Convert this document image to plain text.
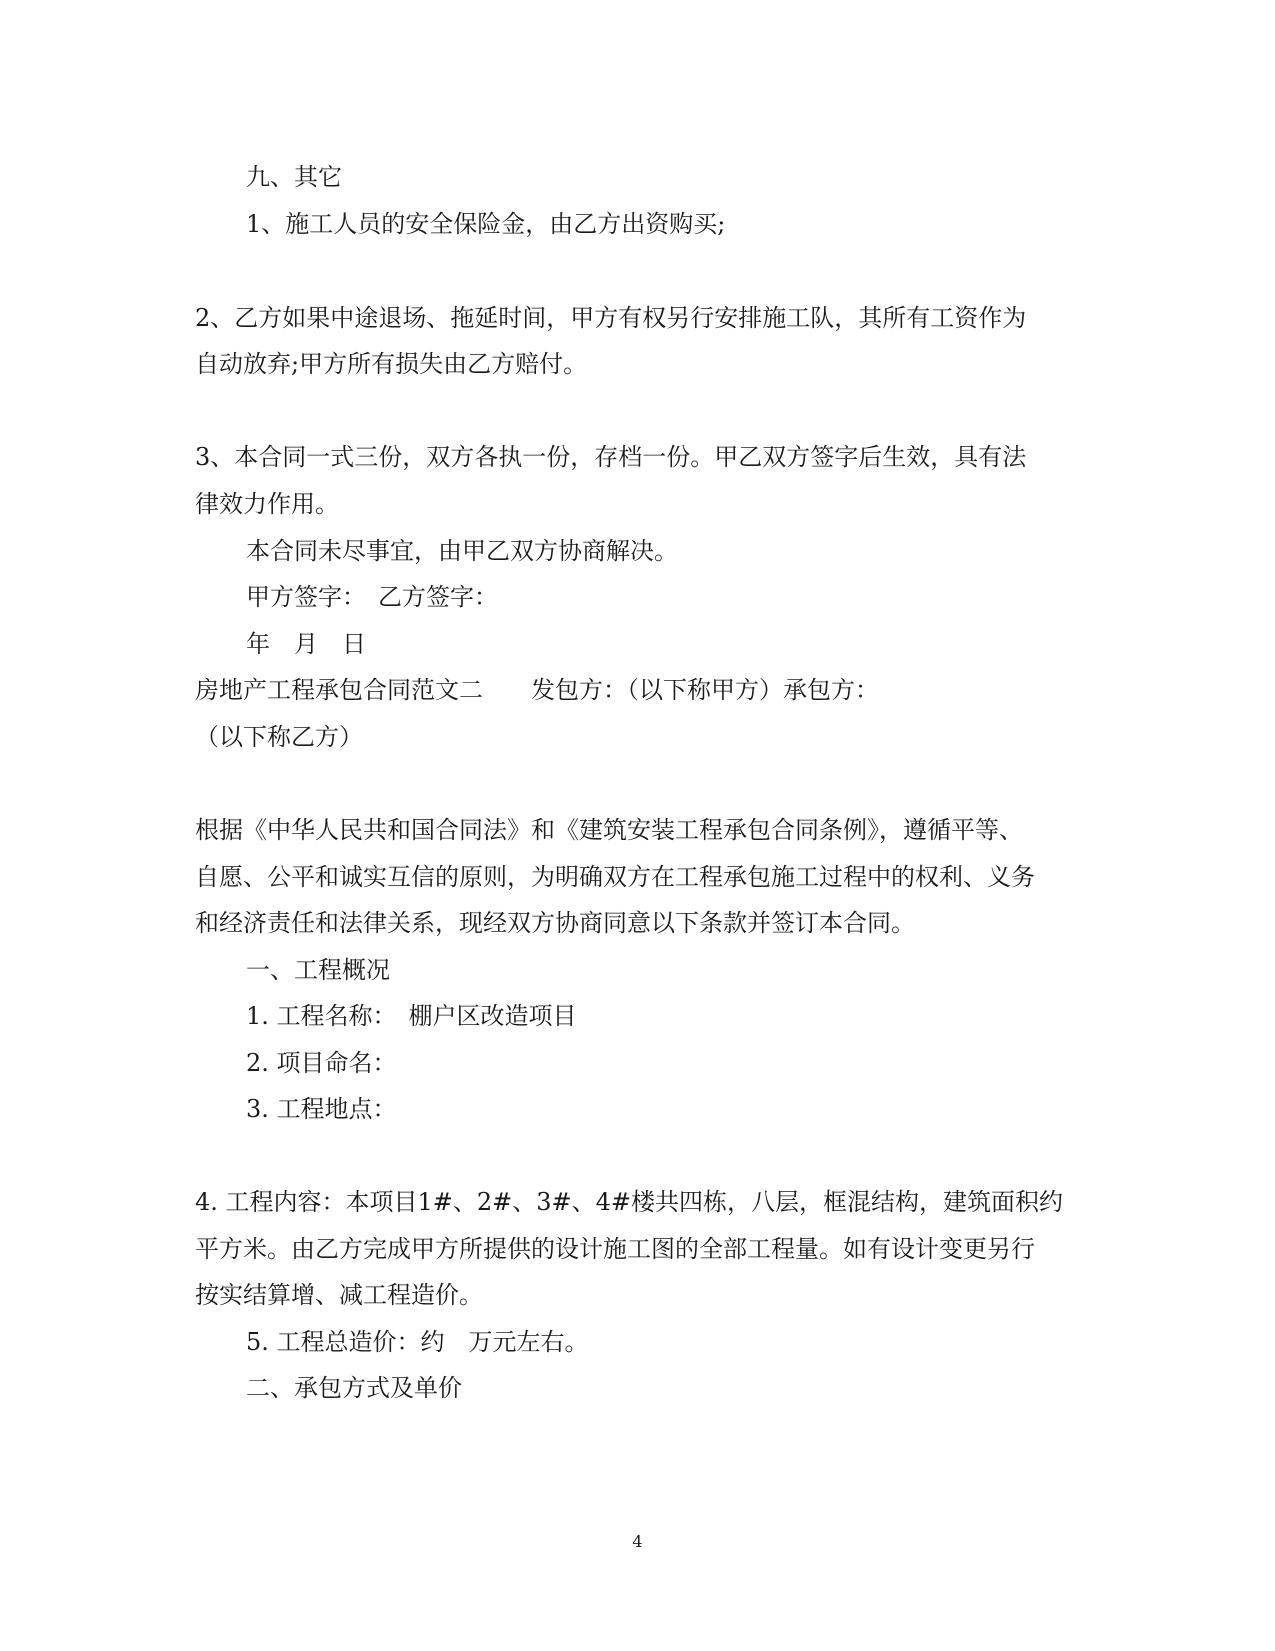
九、其它
1、施工人员的安全保险金，由乙方出资购买;
2、乙方如果中途退场、拖延时间，甲方有权另行安排施工队，其所有工资作为
自动放弃;甲方所有损失由乙方赔付。
3、本合同一式三份，双方各执一份，存档一份。甲乙双方签字后生效，具有法
律效力作用。
本合同未尽事宜，由甲乙双方协商解决。
甲方签字：　乙方签字：
年　月　日
房地产工程承包合同范文二 发包方：（以下称甲方）承包方：
（以下称乙方）
根据《中华人民共和国合同法》和《建筑安装工程承包合同条例》，遵循平等、
自愿、公平和诚实互信的原则，为明确双方在工程承包施工过程中的权利、义务
和经济责任和法律关系，现经双方协商同意以下条款并签订本合同。
一、工程概况
1. 工程名称：　棚户区改造项目
2. 项目命名：
3. 工程地点：
4. 工程内容：本项目1#、2#、3#、4#楼共四栋，八层，框混结构，建筑面积约
平方米。由乙方完成甲方所提供的设计施工图的全部工程量。如有设计变更另行
按实结算增、减工程造价。
5. 工程总造价：约　万元左右。
二、承包方式及单价
4
